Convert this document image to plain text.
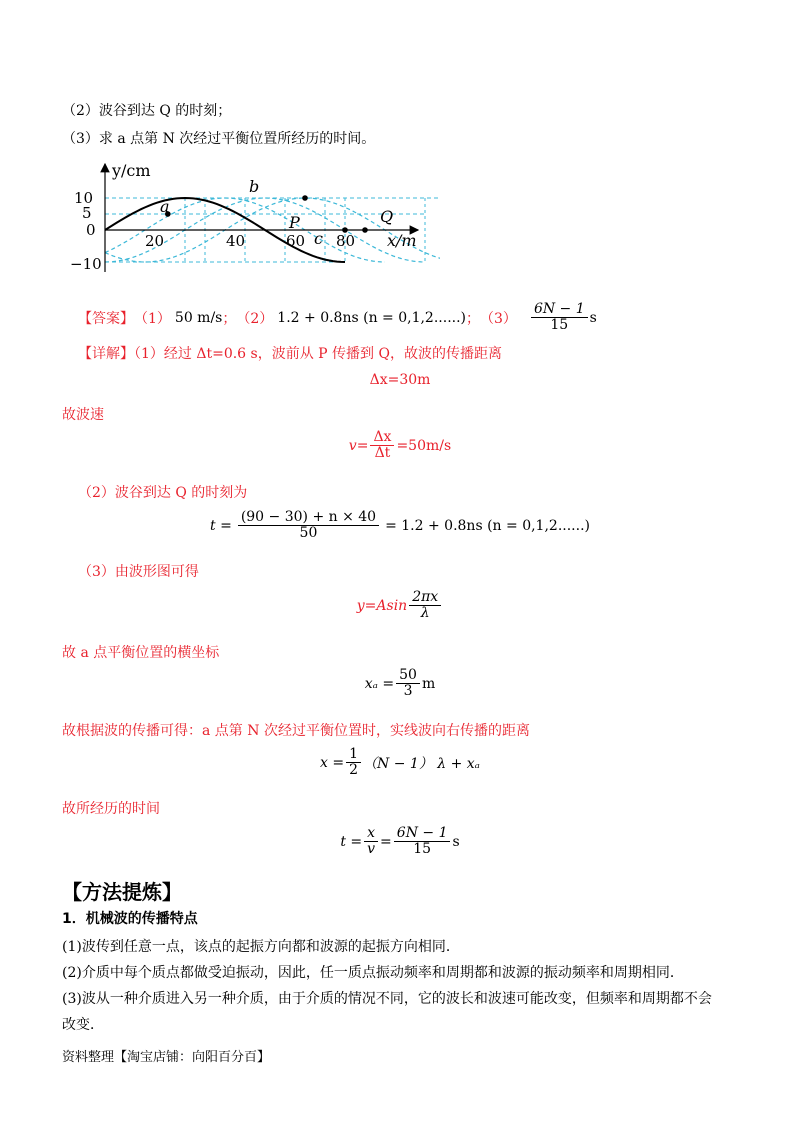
（2）波谷到达 Q 的时刻；
（3）求 a 点第 N 次经过平衡位置所经历的时间。
y/cm
x/m
10
5
0
−10
20	40	60 80
a
b
P
c
Q
【答案】 （1） 50 m/s ； （2） 1.2 + 0.8ns (n = 0,1,2......) ； $(3) \frac{6N - 1}{15}$ s
【详解】（1）经过 Δt=0.6 s，波前从 P 传播到 Q，故波的传播距离
Δx=30m
故波速
$v= \frac{\Delta x}{\Delta t} =50m/s$
（2）波谷到达 Q 的时刻为
$t = \frac{(90 - 30) + n \times 40}{50} = 1.2 + 0.8ns$ (n = 0,1,2......)
（3）由波形图可得
$y=Asin \frac{2\pi x}{\lambda}$
故 a 点平衡位置的横坐标
$x_a = \frac{50}{3}$ m
故根据波的传播可得：a 点第 N 次经过平衡位置时，实线波向右传播的距离
$x = \frac{1}{2} (N - 1) \lambda + x_a$
故所经历的时间
$t = \frac{x}{v} = \frac{6N - 1}{15}$ s
【方法提炼】
1．机械波的传播特点
(1)波传到任意一点，该点的起振方向都和波源的起振方向相同．
(2)介质中每个质点都做受迫振动，因此，任一质点振动频率和周期都和波源的振动频率和周期相同．
(3)波从一种介质进入另一种介质，由于介质的情况不同，它的波长和波速可能改变，但频率和周期都不会
改变．
资料整理【淘宝店铺：向阳百分百】
